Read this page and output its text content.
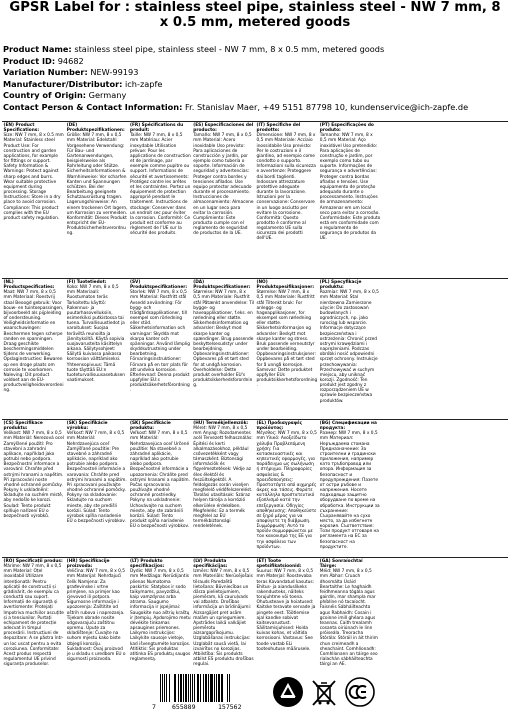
GPSR Label for : stainless steel pipe, stainless steel - NW 7 mm, 8
x 0.5 mm, metered goods
Product Name: stainless steel pipe, stainless steel - NW 7 mm, 8 x 0.5 mm, metered goods
Product ID: 94682
Variation Number: NEW-99193
Manufacturer/Distributor: ich-zapfe
Country of Origin: Germany
Contact Person & Contact Information: Fr. Stanislav Maer, +49 5151 87798 10, kundenservice@ich-zapfe.de
(EN) Product Specifications:
Size: NW 7 mm, 8 x 0.5 mm Material: Stainless steel Product Use: For construction and garden applications, for example for fittings or support. Safety Information & Warnings: Protect against sharp edges and burrs. Wear suitable protective equipment during processing. Storage Instructions: Store in a dry place to avoid corrosion. Compliance: This product complies with the EU product safety regulation.
(DE) Produktspezifikationen:
Größe: NW 7 mm, 8 x 0,5 mm Material: Edelstahl Vorgesehene Verwendung: Für Bau- und Gartenanwendungen, beispielsweise als Rohrleitung oder Stütze. Sicherheitsinformationen & Warnhinweise: Vor scharfen Kanten und Spannungen schützen. Bei der Bearbeitung geeignete Schutzausrüstung tragen. Lagerungshinweise: An einem trockenen Ort lagern, um Korrosion zu vermeiden. Konformität: Dieses Produkt entspricht der EU-Produktsicherheitsverordnung.
(FR) Spécifications du produit:
Taille: NW 7 mm, 8 x 0,5 mm Matériau: Acier inoxydable Utilisation prévue: Pour les applications de construction et de jardinage, par exemple comme pupitre ou support. Informations de sécurité et avertissements: Protégez contre les arêtes et les contraintes. Portez un équipement de protection approprié pendant le traitement. Instructions de stockage: Conserver dans un endroit sec pour éviter la corrosion. Conformité: Ce produit est conforme au règlement de l'UE sur la sécurité des produits.
(ES) Especificaciones del producto:
Tamaño: NW 7 mm, 8 x 0,5 mm Material: Acero inoxidable Uso previsto: Para aplicaciones de construcción y jardín, por ejemplo como tubería o soporte. Información de seguridad y advertencias: Proteger contra bordes y tensiones afilados. Use equipo protector adecuado durante el procesamiento. Instrucciones de almacenamiento: Almacene en un lugar seco para evitar la corrosión. Cumplimiento: Este producto cumple con el reglamento de seguridad de productos de la UE.
(IT) Specifiche del prodotto:
Dimensione: NW 7 mm, 8 x 0,5 mm Materiale: Acciaio inossidabile Uso previsto: Per le costruzioni e il giardino, ad esempio come condotto o supporto. Informazioni sulla sicurezza e avvertenze: Proteggere dai bordi taglienti. Indossare attrezzature protettive adeguate durante la lavorazione. Istruzioni per la conservazione: Conservare in un luogo asciutto per evitare la corrosione. Conformità: Questo prodotto è conforme al regolamento UE sulla sicurezza dei prodotti dell'UE.
(PT) Especificações do produto:
Tamanho: NW 7 mm, 8 x 0,5 mm Material: Aço inoxidável Uso pretendido: Para aplicações de construção e jardim, por exemplo como tubo ou suporte. Informações de segurança e advertências: Proteger contra bordas afiadas e tensões. Use equipamento de proteção adequado durante o processamento. Instruções de armazenamento: Armazenar em um local seco para evitar a corrosão. Conformidade: Este produto está em conformidade com o regulamento de segurança de produtos da UE.
(NL) Productspecificaties:
Maat: NW 7 mm, 8 x 0,5 mm Materiaal: Roestvrij staal Beoogd gebruik: Voor bouw- en tuintoepassingen, bijvoorbeeld als pijpleiding of ondersteuning. Veiligheidsinformatie en waarschuwingen: Beschermen tegen scherpe randen en spanningen. Draag geschikte beschermingsmiddelen tijdens de verwerking. Opslaginstructies: Bewaren op een droge plaats om corrosie te voorkomen. Naleving: Dit product voldoet aan de EU-productveiligheidsverordening.
(FI) Tuotetiedot:
Koko: NW 7 mm, 8 x 0,5 mm Materiaali: Ruostumaton teräs Tarkoitettu käyttö: Rakennus- ja puutarhasovelluksiin, esimerkiksi putkistossa tai tuena. Turvallisuustiedot ja varoitukset: Suojaa teräviltä reunoilta ja jännityksiltä. Käytä sopivia suojavarusteita käsittelyn aikana. Säilytysohjeet: Säilytä kuivassa paikassa korroosion välttämiseksi. Yhteensopivuus: Tämä tuote täyttää EU:n tuoteturvallisuusasetuksen vaatimukset.
(SV) Produktspecifikationer:
Storlek: NW 7 mm, 8 x 0,5 mm Material: Rostfritt stål Avsedd användning: För bygg- och trädgårdsapplikationer, till exempel som rörledning eller stöd. Säkerhetsinformation och varningar: Skydda mot skarpa kanter och spänningar. Använd lämplig skyddsutrustning under bearbetning. Förvaringsinstruktioner: Förvara på en torr plats för att undvika korrosion. Efterlevnad: Denna produkt uppfyller EU:s produktsäkerhetsförordning.
(DA) Produktspecifikationer:
Størrelse: NW 7 mm, 8 x 0,5 mm Materiale: Rustfrit stål Påtænkt anvendelse: Til bygge- og haveapplikationer, f.eks. en rørledning eller støtte. Sikkerhedsinformation og advarsler: Beskyt mod skarpe kanter og spændinger. Brug passende beskyttelsesudstyr under bearbejdning. Opbevaringsinstruktioner: Opbevares på et tørt sted for at undgå korrosion. Overholdelse: Dette produkt overholder EU's produktsikkerhedsforordning.
(NO) Produktspesifikasjoner:
Størrelse: NW 7 mm, 8 x 0,5 mm Materiale: Rustfritt stål Tiltenkt bruk: For anleggs- og hageapplikasjoner, for eksempel som rørledning eller støtte. Sikkerhetsinformasjon og advarsler: Beskytt mot skarpe kanter og stress. Bruk passende verneutstyr under bearbeiding. Oppbevaringsinstruksjoner: Oppbevares på et tørt sted for å unngå korrosjon. Samsvar: Dette produktet oppfyller EUs produktsikkerhetsforordning.
(PL) Specyfikacje produktu:
Rozmiar: NW 7 mm, 8 x 0,5 mm Materiał: Stal nierdzewna Zamierzone użycie: Do zastosowań budowlanych i ogrodniczych, np. jako rurociąg lub wsparcie. Informacje dotyczące bezpieczeństwa i ostrzeżenia: Chronić przed ostrymi krawędziami i naprężeniami. Podczas obróbki nosić odpowiedni sprzęt ochronny. Instrukcje przechowywania: Przechowywać w suchym miejscu, aby uniknąć korozji. Zgodność: Ten produkt jest zgodny z rozporządzeniem UE w sprawie bezpieczeństwa produktów.
(CS) Specifikace produktu:
Velikost: NW 7 mm, 8 x 0,5 mm Materiál: Nerezová ocel Zamýšlené použití: Pro stavební a zahradní aplikace, například jako potrubí nebo podpora. Bezpečnostní informace a varování: Chraňte před ostrými hranami a napětím. Při zpracování noste vhodné ochranné pomůcky. Pokyny k uskladnění: Skladujte na suchém místě, aby nedošlo ke korozi. Soulad: Tento produkt splňuje nařízení EU o bezpečnosti výrobků.
(SK) Špecifikácie výrobku:
Veľkosť: NW 7 mm, 8 x 0,5 mm Materiál: Nehrdzavejúca oceľ Zamýšľané použitie: Pre stavebné a záhradné aplikácie, napríklad ako potrubie alebo podpera. Bezpečnostné informácie a varovania: Chráňte pred ostrými hranami a napätím. Pri spracovaní používajte vhodné ochranné pomôcky. Pokyny na skladovanie: Skladujte na suchom mieste, aby ste predišli korózii. Súlad: Tento výrobok spĺňa nariadenie EÚ o bezpečnosti výrobkov.
(SK) Špecifikácie produktu:
Veľkosť: NW 7 mm, 8 x 0,5 mm Materiál: Nehrdzavejúca oceľ Určené použitie: Na stavebné a záhradné aplikácie, napríklad ako potrubie alebo podpora. Bezpečnostné informácie a upozornenia: Chráňte pred ostrými hranami a napätím. Počas spracovania používajte vhodné ochranné prostriedky. Pokyny na uskladnenie: Uchovávajte na suchom mieste, aby ste zabránili korózii. Súlad: Tento produkt spĺňa nariadenie EÚ o bezpečnosti výrobkov.
(HU) Termékjellemzők:
Méret: NW 7 mm, 8 x 0,5 mm Anyag: Rozsdamentes acél Tervezett felhasználás: Építési és kerti alkalmazásokhoz, például csővezetékként vagy támaszként. Biztonsági információk és figyelmeztetések: Védje az éles élektől és feszültségektől. A feldolgozás során viseljen megfelelő védőfelszerelést. Tárolási utasítások: Száraz helyen tárolja a korrózió elkerülése érdekében. Megfelelés: Ez a termék megfelel az EU termékbiztonsági rendeletének.
(EL) Προδιαγραφές προϊόντος:
Μέγεθος: NW 7 mm, 8 x 0,5 mm Υλικό: Ανοξείδωτο χάλυβα Προβλεπόμενη χρήση: Για κατασκευαστικές και κηπευτικές εφαρμογές, για παράδειγμα ως σωλήνωση ή στήριγμα. Πληροφορίες ασφαλείας & προειδοποιήσεις: Προστατέψτε από αιχμηρές άκρες και τάσεις. Φοράτε κατάλληλο προστατευτικό εξοπλισμό κατά την επεξεργασία. Οδηγίες αποθήκευσης: Αποθηκεύστε σε ξηρό μέρος για να αποφύγετε τη διάβρωση. Συμμόρφωση: Αυτό το προϊόν συμμορφώνεται με τον κανονισμό της ΕΕ για την ασφάλεια των προϊόντων.
(BG) Спецификации на продукта:
Размер: NW 7 mm, 8 x 0,5 mm Материал: Неръждаема стомана Предназначение: За строителни и градински приложения, например като тръбопровод или опора. Информация за безопасност и предупреждения: Пазете от остри ръбове и напрежения. Носете подходящо защитно оборудване по време на обработка. Инструкции за съхранение: Съхранявайте на сухо място, за да избегнете корозия. Съответствие: Този продукт отговаря на регламента на ЕС за безопасност на продуктите.
(RO) Specificații produs:
Mărime: NW 7 mm, 8 x 0,5 mm Material: Oțel inoxidabil Utilizare intenționată: Pentru aplicații de construcții și grădinărit, de exemplu ca conductă sau suport. Informații de siguranță și avertismente: Protejați împotriva muchiilor ascuțite și a tensiunilor. Purtați echipament de protecție adecvat în timpul procesării. Instrucțiuni de depozitare: A se păstra într-un loc uscat pentru a evita coroziunea. Conformitate: Acest produs respectă regulamentul UE privind siguranța produselor.
(HR) Specifikacije proizvoda:
Veličina: NW 7 mm, 8 x 0,5 mm Materijal: Nehrđajući čelik Namjena: Za građevinske i vrtne primjene, na primjer kao cjevovod ili potpora. Sigurnosne informacije i upozorenja: Zaštitite od oštrih rubova i naprezanja. Tijekom obrade nosite odgovarajuću zaštitnu opremu. Upute za skladištenje: Čuvajte na suhom mjestu kako biste izbjegli koroziju. Sukladnost: Ovaj proizvod je u skladu s uredbom EU o sigurnosti proizvoda.
(LT) Produkto specifikacijos:
Dydis: NW 7 mm, 8 x 0,5 mm Medžiaga: Nerūdijantis plienas Numatoma paskirtis: Statybos ir sodo taikymams, pavyzdžiui, kaip vamzdynas arba atrama. Saugumo informacija ir įspėjimai: Saugokite nuo aštrių kraštų ir įtempių. Apdorojimo metu dėvėkite tinkamas apsaugines priemones. Laikymo instrukcijos: Laikykite sausoje vietoje, kad išvengtumėte korozijos. Atitiktis: Šis produktas atitinka ES produktų saugos reglamentą.
(LV) Produkta specifikācijas:
Izmērs: NW 7 mm, 8 x 0,5 mm Materiāls: Nerūsējošais tērauds Paredzētā lietošana: Būvniecības un dārza pielietojumiem, piemēram, kā cauruļvads vai atbalsts. Drošības informācija un brīdinājumi: Aizsargājiet pret asām malām un spriegumiem. Apstrādes laikā valkājiet piemērotu aizsargaprīkojumu. Uzglabāšanas instrukcijas: Uzglabāt sausā vietā, lai izvairītos no korozijas. Atbilstība: Šis produkts atbilst ES produktu drošības regulai.
(ET) Toote spetsifikatsioonid:
Suurus: NW 7 mm, 8 x 0,5 mm Materjal: Roostevaba teras Kavandatud kasutus: Ehitus- ja aianduslikeks rakendusteks, näiteks torujuhtme või toena. Ohutusteave ja hoiatused: Kaitske teravate servade ja pingete eest. Töötlemise ajal kandke sobivat kaitsevarustust. Säilitamisjuhised: Hoida kuivas kohas, et vältida korrosiooni. Vastavus: See toode vastab ELi tooteohutuse määrusele.
(GA) Sonraíochtaí Táirge:
Méid: NW 7 mm, 8 x 0,5 mm Ábhar: Cruach dhosmálta Úsáid Beartaithe: Le haghaidh feidhmeanna tógála agus gairdín, mar shampla mar phíblíne nó tacaíocht. Faisnéis Sábháilteachta agus Rabhaidh: Cosain i gcoinne imill ghéara agus teannas. Caith trealamh cosanta oiriúnach le linn próiseála. Treoracha Stórála: Stóráil in áit thirim chun creimeadh a sheachaint. Comhlíonadh: Comhlíonann an táirge seo rialachán sábháilteachta táirgí an AE.
7 655889	157562
